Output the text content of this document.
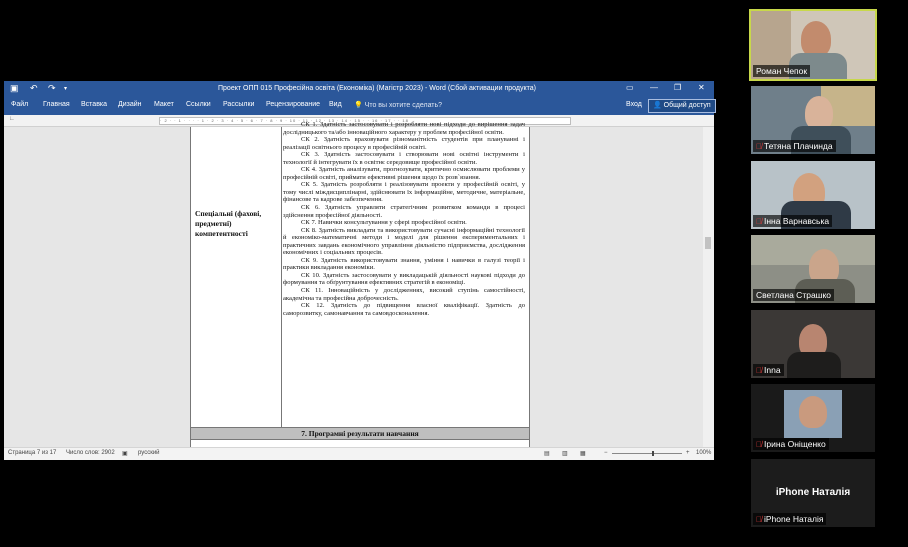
▣ ↶ ↷ ▾	Проект ОПП 015 Професійна освіта (Економіка) (Магістр 2023) - Word (Сбой активации продукта)	▭ — ❐ ✕
Файл Главная Вставка Дизайн Макет Ссылки Рассылки Рецензирование Вид 💡 Что вы хотите сделать?	Вход	👤 Общий доступ
∟	· 2 · · 1 · · · · 1 · 2 · 3 · 4 · 5 · 6 · 7 · 8 · 9 · 10 · 11 · 12 · 13 · 14 · 15 · · 16 · 17 · · 18
Спеціальні (фахові, предметні) компетентності

СК 1. Здатність застосовувати і розробляти нові підходи до вирішення задач дослідницького та/або інноваційного характеру у проблем професійної освіти.

СК 2. Здатність враховувати різноманітність студентів при плануванні і реалізації освітнього процесу в професійній освіті.

СК 3. Здатність застосовувати і створювати нові освітні інструменти і технології й інтегрувати їх в освітнє середовище професійної освіти.

СК 4. Здатність аналізувати, прогнозувати, критично осмислювати проблеми у професійній освіті, приймати ефективні рішення щодо їх розв`язання.

СК 5. Здатність розробляти і реалізовувати проекти у професійній освіті, у тому числі міждисциплінарні, здійснювати їх інформаційне, методичне, матеріальне, фінансове та кадрове забезпечення.

СК 6. Здатність управляти стратегічним розвитком команди в процесі здійснення професійної діяльності.

СК 7. Навички консультування у сфері професійної освіти.

СК 8. Здатність викладати та використовувати сучасні інформаційні технології й економіко-математичні методи і моделі для рішення експериментальних і практичних завдань економічного управління діяльністю підприємства, дослідження економічних і соціальних процесів.

СК 9. Здатність використовувати знання, уміння і навички в галузі теорії і практики викладання економіки.

СК 10. Здатність застосовувати у викладацькій діяльності наукові підходи до формування та обґрунтування ефективних стратегій в економіці.

СК 11. Інноваційність у дослідженнях, високий ступінь самостійності, академічна та професійна доброчесність.

СК 12. Здатність до підвищення власної кваліфікації. Здатність до саморозвитку, самонавчання та самовдосконалення.

7. Програмні результати навчання
Страница 7 из 17 Число слов: 2902 ▣ русский	▤ ▥ ▦	−	+ 100%
Роман Чепок
🎙̸ Тетяна Плачинда
🎙̸ Інна Варнавська
Светлана Страшко
🎙̸ Inna
🎙̸ Ірина Оніщенко
iPhone Наталія
🎙̸ iPhone Наталія
